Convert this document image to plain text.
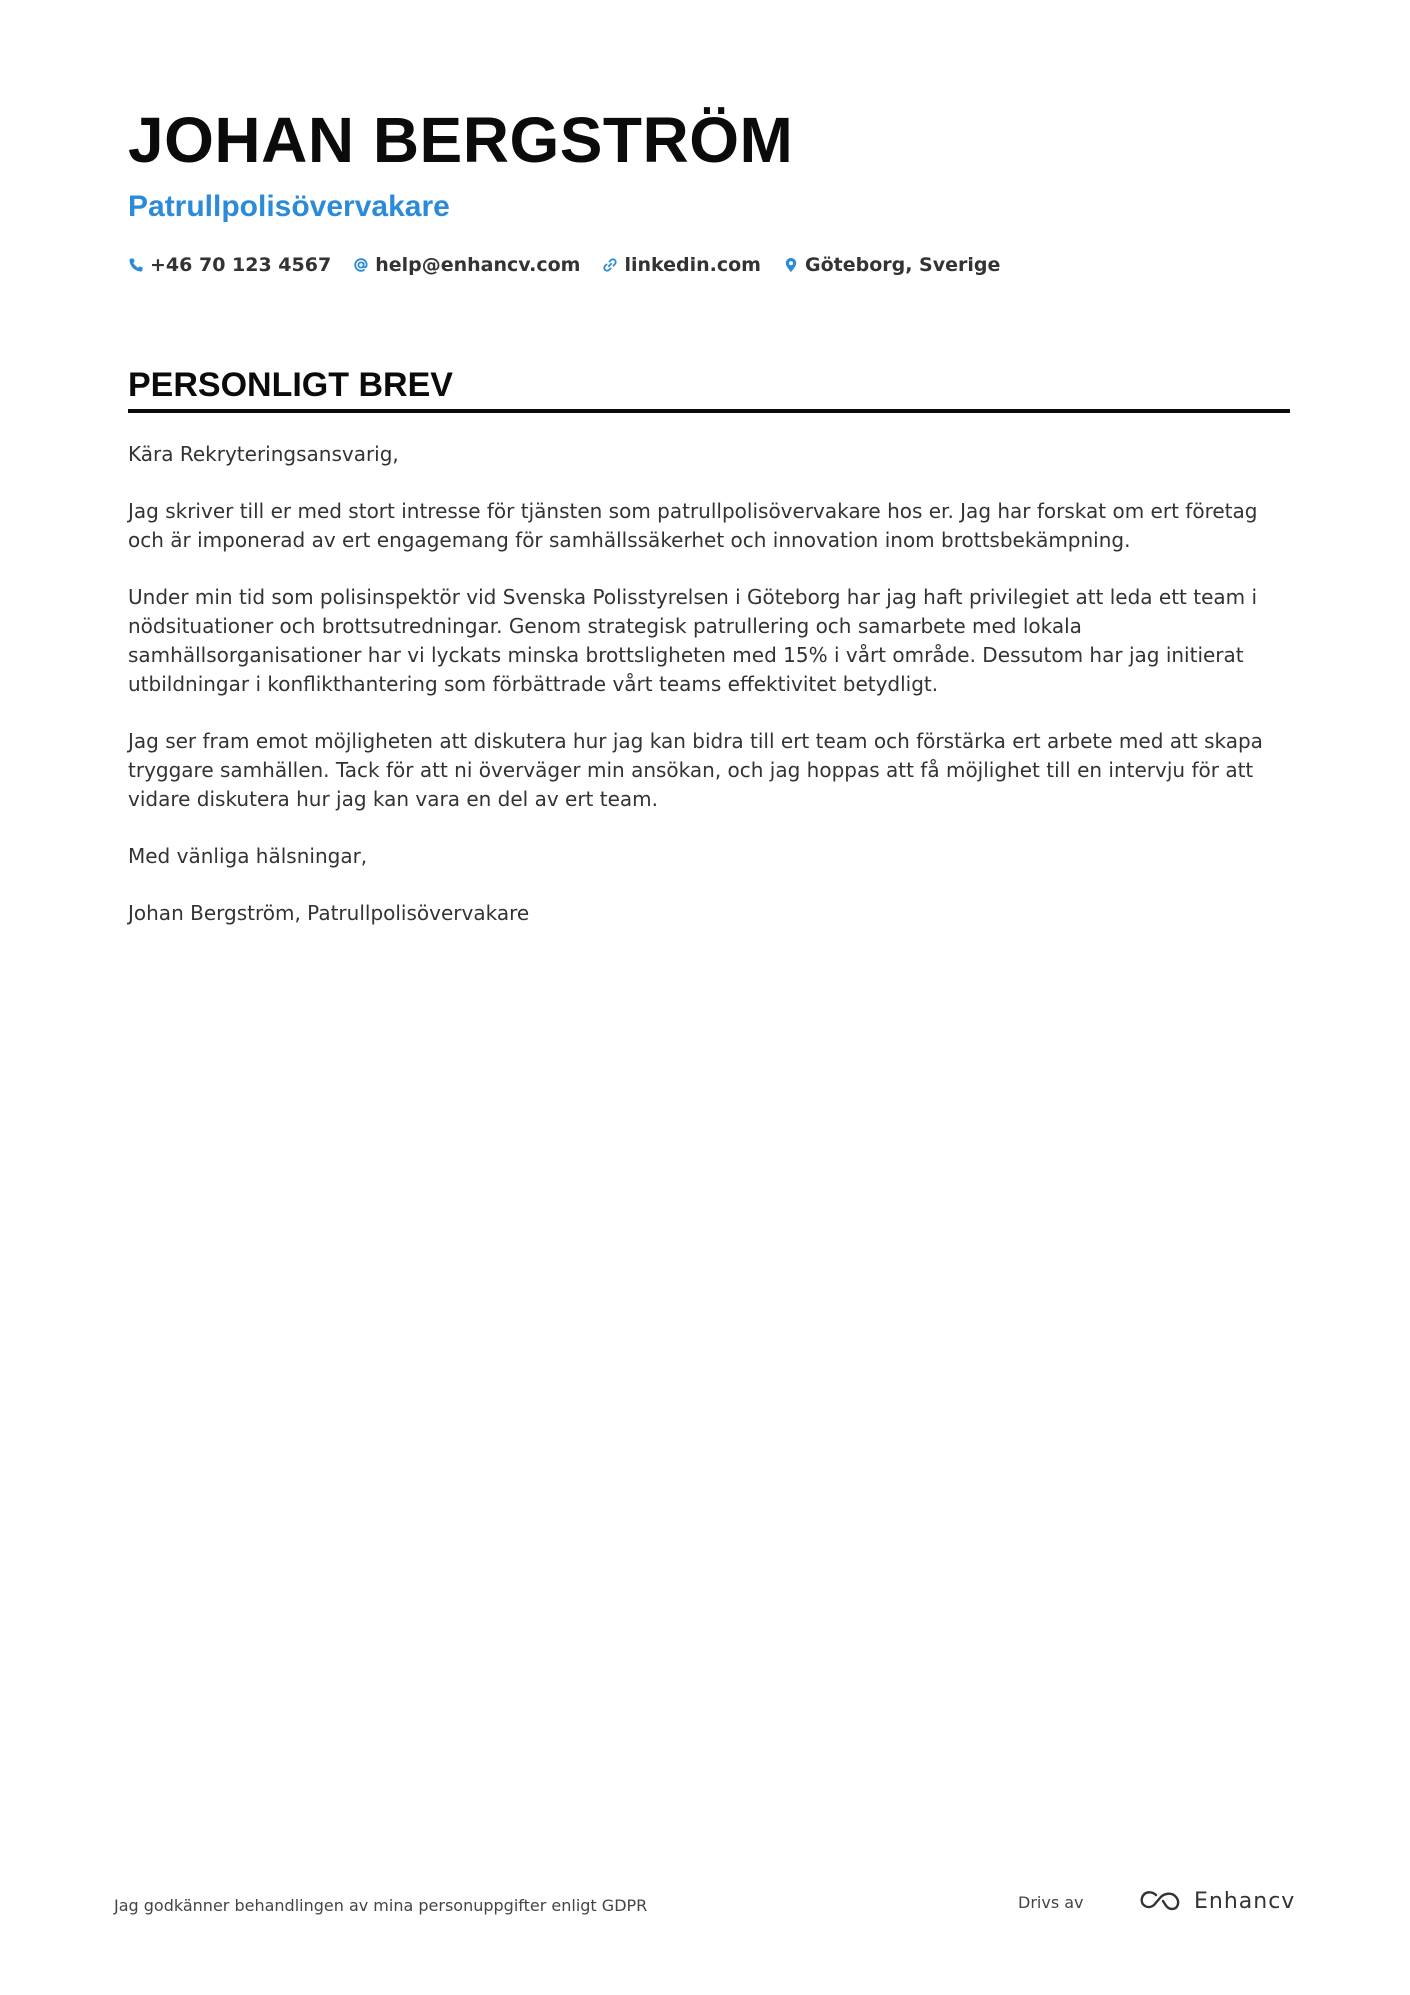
JOHAN BERGSTRÖM
Patrullpolisövervakare
+46 70 123 4567 help@enhancv.com linkedin.com Göteborg, Sverige
PERSONLIGT BREV

Kära Rekryteringsansvarig,

Jag skriver till er med stort intresse för tjänsten som patrullpolisövervakare hos er. Jag har forskat om ert företag och är imponerad av ert engagemang för samhällssäkerhet och innovation inom brottsbekämpning.

Under min tid som polisinspektör vid Svenska Polisstyrelsen i Göteborg har jag haft privilegiet att leda ett team i nödsituationer och brottsutredningar. Genom strategisk patrullering och samarbete med lokala samhällsorganisationer har vi lyckats minska brottsligheten med 15% i vårt område. Dessutom har jag initierat utbildningar i konflikthantering som förbättrade vårt teams effektivitet betydligt.

Jag ser fram emot möjligheten att diskutera hur jag kan bidra till ert team och förstärka ert arbete med att skapa tryggare samhällen. Tack för att ni överväger min ansökan, och jag hoppas att få möjlighet till en intervju för att vidare diskutera hur jag kan vara en del av ert team.

Med vänliga hälsningar,

Johan Bergström, Patrullpolisövervakare

Jag godkänner behandlingen av mina personuppgifter enligt GDPR	Drivs av	Enhancv
